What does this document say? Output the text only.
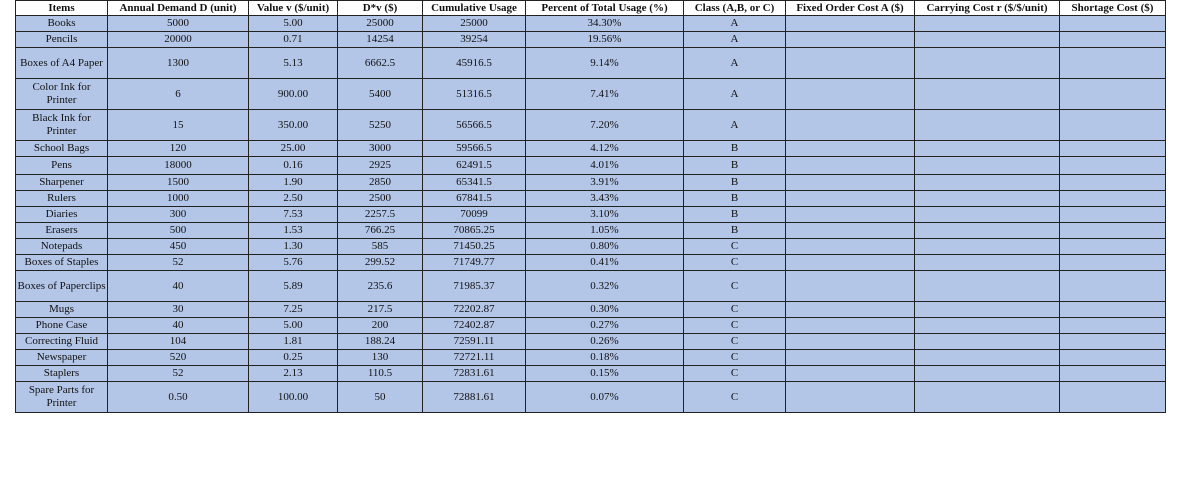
Items	Annual Demand D (unit)	Value v ($/unit)	D*v ($)	Cumulative Usage	Percent of Total Usage (%)	Class (A,B, or C)	Fixed Order Cost A ($)	Carrying Cost r ($/$/unit)	Shortage Cost ($)
Books	5000	5.00	25000	25000	34.30%	A			
Pencils	20000	0.71	14254	39254	19.56%	A			
Boxes of A4 Paper	1300	5.13	6662.5	45916.5	9.14%	A			
Color Ink for Printer	6	900.00	5400	51316.5	7.41%	A			
Black Ink for Printer	15	350.00	5250	56566.5	7.20%	A			
School Bags	120	25.00	3000	59566.5	4.12%	B			
Pens	18000	0.16	2925	62491.5	4.01%	B			
Sharpener	1500	1.90	2850	65341.5	3.91%	B			
Rulers	1000	2.50	2500	67841.5	3.43%	B			
Diaries	300	7.53	2257.5	70099	3.10%	B			
Erasers	500	1.53	766.25	70865.25	1.05%	B			
Notepads	450	1.30	585	71450.25	0.80%	C			
Boxes of Staples	52	5.76	299.52	71749.77	0.41%	C			
Boxes of Paperclips	40	5.89	235.6	71985.37	0.32%	C			
Mugs	30	7.25	217.5	72202.87	0.30%	C			
Phone Case	40	5.00	200	72402.87	0.27%	C			
Correcting Fluid	104	1.81	188.24	72591.11	0.26%	C			
Newspaper	520	0.25	130	72721.11	0.18%	C			
Staplers	52	2.13	110.5	72831.61	0.15%	C			
Spare Parts for Printer	0.50	100.00	50	72881.61	0.07%	C			
